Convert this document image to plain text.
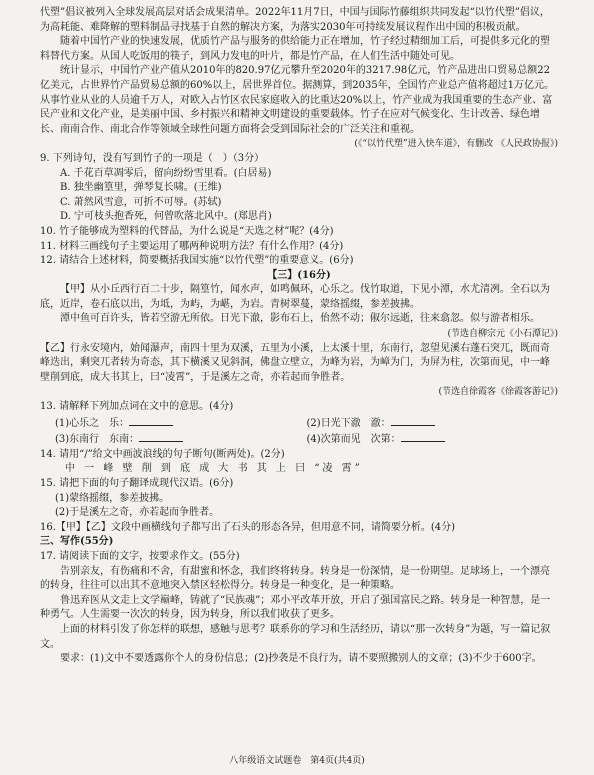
代塑”倡议被列入全球发展高层对话会成果清单。2022年11月7日，中国与国际竹藤组织共同发起“以竹代塑”倡议，为高耗能、难降解的塑料制品寻找基于自然的解决方案，为落实2030年可持续发展议程作出中国的积极贡献。

随着中国竹产业的快速发展，优质竹产品与服务的供给能力正在增加，竹子经过精细加工后，可提供多元化的塑料替代方案。从国人吃饭用的筷子，到风力发电的叶片，都是竹产品，在人们生活中随处可见。

统计显示，中国竹产业产值从2010年的820.97亿元攀升至2020年的3217.98亿元，竹产品进出口贸易总额22亿美元，占世界竹产品贸易总额的60%以上，居世界首位。据测算，到2035年，全国竹产业总产值将超过1万亿元。从事竹业从业的人员逾千万人，对欧入占竹区农民家庭收入的比重达20%以上，竹产业成为我国重要的生态产业、富民产业和文化产业，是美丽中国、乡村振兴和精神文明建设的重要载体。竹子在应对气候变化、生计改善、绿色增长、南南合作、南北合作等领域全球性问题方面将会受到国际社会的广泛关注和重视。

(《“以竹代塑”进入快车道》，有删改 《人民政协报》)

9. 下列诗句，没有写到竹子的一项是（　）（3分）

A. 千花百草凋零后，留向纷纷雪里看。(白居易)

B. 独坐幽篁里，弹琴复长啸。(王维)

C. 萧然风雪意，可折不可辱。(苏轼)

D. 宁可枝头抱香死，何曾吹落北风中。(郑思肖)

10. 竹子能够成为塑料的代替品，为什么说是“天选之材”呢？(4分)

11. 材料三画线句子主要运用了哪两种说明方法？有什么作用？(4分)

12. 请结合上述材料，简要概括我国实施“以竹代塑”的重要意义。(6分)

【三】(16分)

【甲】从小丘西行百二十步，隔篁竹，闻水声，如鸣佩环，心乐之。伐竹取道，下见小潭，水尤清冽。全石以为底，近岸，卷石底以出，为坻，为屿，为嵁，为岩。青树翠蔓，蒙络摇缀，参差披拂。

潭中鱼可百许头，皆若空游无所依。日光下澈，影布石上，佁然不动；俶尔远逝，往来翕忽。似与游者相乐。

(节选自柳宗元《小石潭记》)

【乙】行永安境内，始闻瀑声，南四十里为双溪，五里为小溪，上太溪十里，东南行，忽望见溪右蓬石突兀，既而奇峰迭出，剩突兀者转为奇态，其下横溪又见斜洞，佛盘立壁立，为峰为岩，为嶂为门，为屏为柱，次第而见，中一峰壁削到底，成大书其上，曰“凌霄”，于是溪左之奇，亦若起而争胜者。

(节选自徐霞客《徐霞客游记》)

13. 请解释下列加点词在文中的意思。(4分)

(1)心乐之　 乐：	(2)日光下澈　 澈：
(3)东南行　 东南：	(4)次第而见　 次第：

14. 请用“/”给文中画波浪线的句子断句(断两处)。(2分)

中 一 峰 壁 削 到 底 成 大 书 其 上 曰 “凌 霄”

15. 请把下面的句子翻译成现代汉语。(6分)

(1)蒙络摇缀，参差披拂。

(2)于是溪左之奇，亦若起而争胜者。

16.【甲】【乙】文段中画横线句子都写出了石头的形态各异，但用意不同，请简要分析。(4分)

三、写作(55分)

17. 请阅读下面的文字，按要求作文。(55分)

告别亲友，有伤痛和不舍，有甜蜜和怀念，我们终将转身。转身是一份深情，是一份期望。足球场上，一个漂亮的转身，往往可以出其不意地突入禁区轻松得分。转身是一种变化，是一种策略。

鲁迅弃医从文走上文学巅峰，铸就了“民族魂”；邓小平改革开放，开启了强国富民之路。转身是一种智慧，是一种勇气。人生需要一次次的转身，因为转身，所以我们收获了更多。

上面的材料引发了你怎样的联想，感触与思考？联系你的学习和生活经历，请以“那一次转身”为题，写一篇记叙文。

要求：(1)文中不要透露你个人的身份信息；(2)抄袭是不良行为，请不要照搬别人的文章；(3)不少于600字。

八年级语文试题卷　第4页(共4页)
